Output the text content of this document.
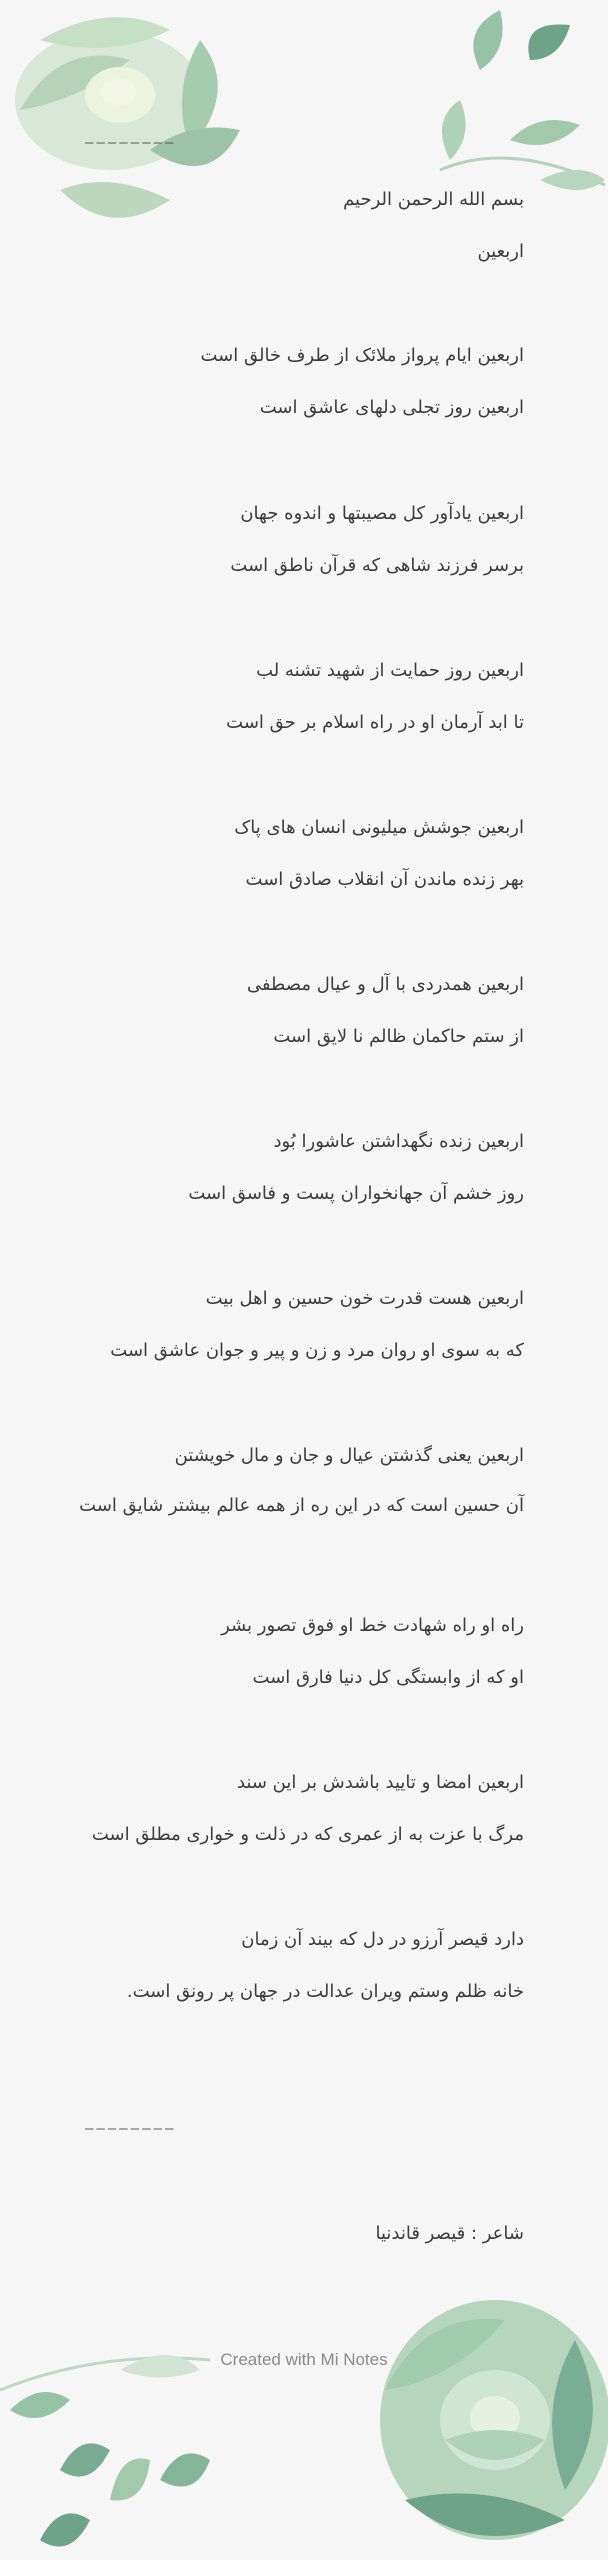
————————
بسم الله الرحمن الرحیم
اربعین
اربعین ایام پرواز ملائک از طرف خالق است
اربعین روز تجلی دلهای عاشق است
اربعین یادآور کل مصیبتها و اندوه جهان
برسر فرزند شاهی که قرآن ناطق است
اربعین روز حمایت از شهید تشنه لب
تا ابد آرمان او در راه اسلام بر حق است
اربعین جوشش میلیونی انسان های پاک
بهر زنده ماندن آن انقلاب صادق است
اربعین همدردی با آل و عیال مصطفی
از ستم حاکمان ظالم نا لایق است
اربعین زنده نگهداشتن عاشورا بُود
روز خشم آن جهانخواران پست و فاسق است
اربعین هست قدرت خون حسین و اهل بیت
که به سوی او روان مرد و زن و پیر و جوان عاشق است
اربعین یعنی گذشتن عیال و جان و مال خویشتن
آن حسین است که در این ره از همه عالم بیشتر شایق است
راه او راه شهادت خط او فوق تصور بشر
او که از وابستگی کل دنیا فارق است
اربعین امضا و تایید باشدش بر این سند
مرگ با عزت به از عمری که در ذلت و خواری مطلق است
دارد قیصر آرزو در دل که بیند آن زمان
خانه ظلم وستم ویران عدالت در جهان پر رونق است.
————————
شاعر : قیصر قاندنیا
Created with Mi Notes
